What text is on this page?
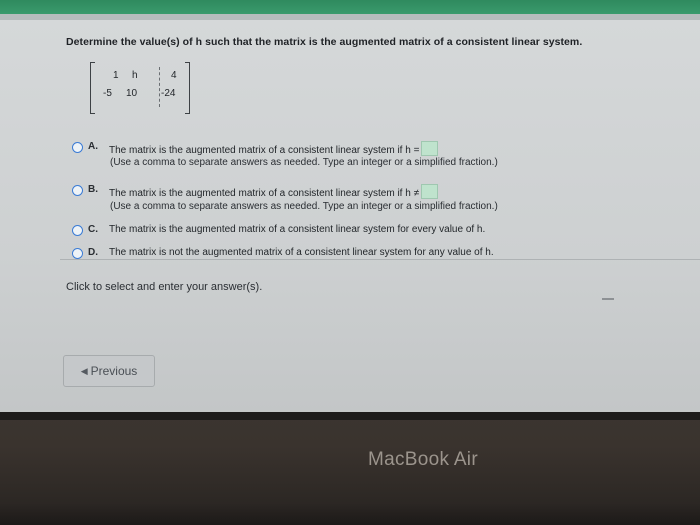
Determine the value(s) of h such that the matrix is the augmented matrix of a consistent linear system.
1 h	4
-5 10 -24
A. The matrix is the augmented matrix of a consistent linear system if h =
(Use a comma to separate answers as needed. Type an integer or a simplified fraction.)
B. The matrix is the augmented matrix of a consistent linear system if h ≠
(Use a comma to separate answers as needed. Type an integer or a simplified fraction.)
C. The matrix is the augmented matrix of a consistent linear system for every value of h.
D. The matrix is not the augmented matrix of a consistent linear system for any value of h.
Click to select and enter your answer(s).
◀ Previous
MacBook Air
